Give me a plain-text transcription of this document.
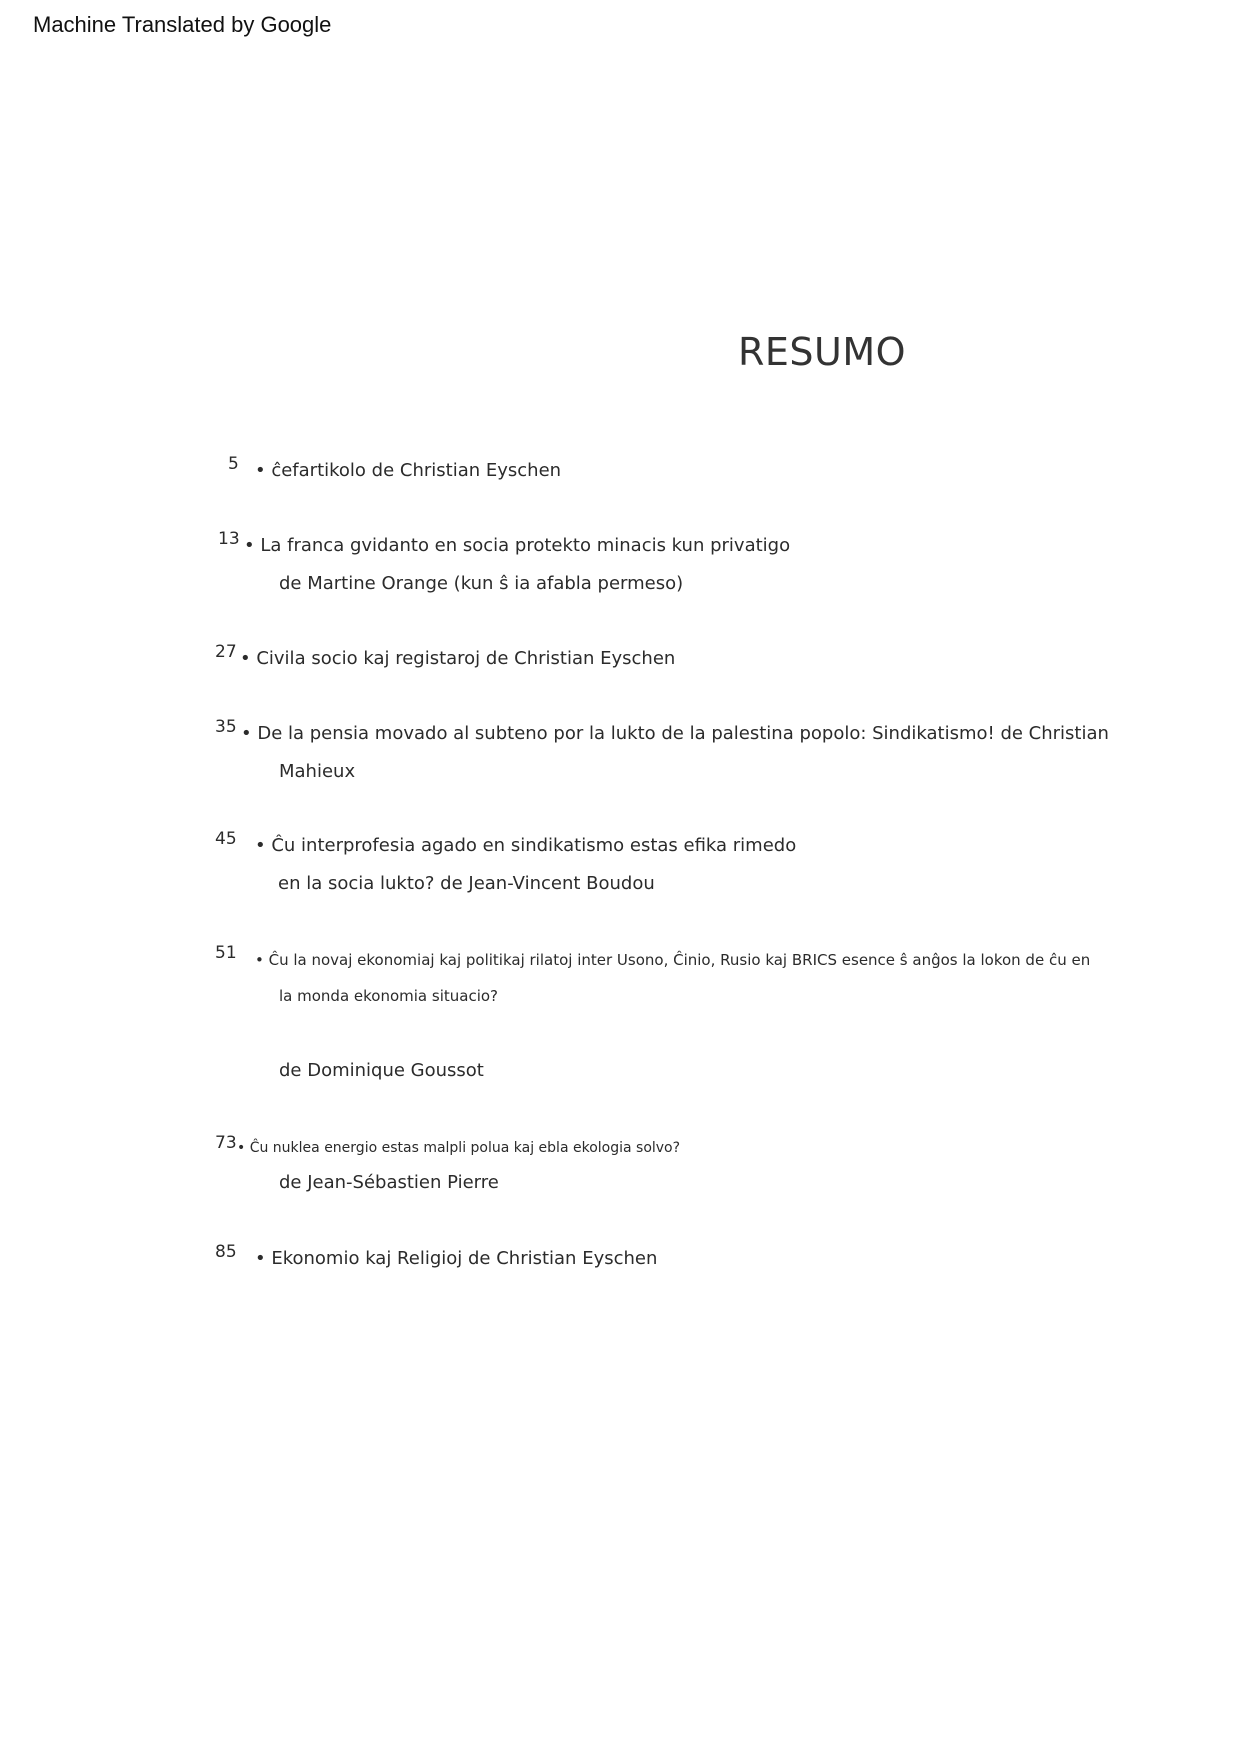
Machine Translated by Google
RESUMO
5 • ĉefartikolo de Christian Eyschen
13 • La franca gvidanto en socia protekto minacis kun privatigo
de Martine Orange (kun ŝ ia afabla permeso)
27 • Civila socio kaj registaroj de Christian Eyschen
35 • De la pensia movado al subteno por la lukto de la palestina popolo: Sindikatismo! de Christian
Mahieux
45 • Ĉu interprofesia agado en sindikatismo estas efika rimedo
en la socia lukto? de Jean-Vincent Boudou
51 • Ĉu la novaj ekonomiaj kaj politikaj rilatoj inter Usono, Ĉinio, Rusio kaj BRICS esence ŝ anĝos la lokon de ĉu en
la monda ekonomia situacio?
de Dominique Goussot
73 • Ĉu nuklea energio estas malpli polua kaj ebla ekologia solvo?
de Jean-Sébastien Pierre
85 • Ekonomio kaj Religioj de Christian Eyschen
